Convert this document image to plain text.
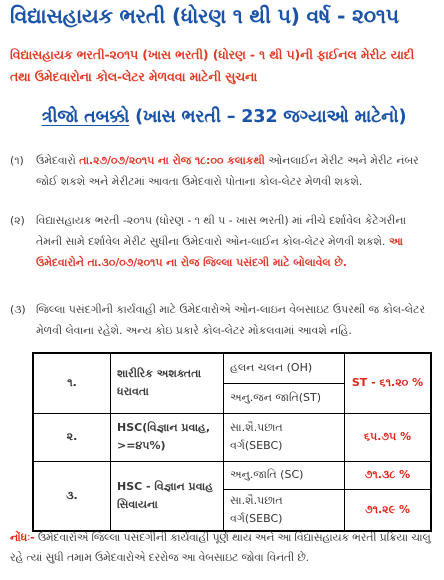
વિદ્યાસહાયક ભરતી (ધોરણ ૧ થી ૫) વર્ષ - ૨૦૧૫
વિદ્યાસહાયક ભરતી-૨૦૧૫ (ખાસ ભરતી) (ધોરણ - ૧ થી ૫)ની ફાઈનલ મેરીટ યાદી તથા ઉમેદવારોના કોલ-લેટર મેળવવા માટેની સુચના
ત્રીજો તબક્કો (ખાસ ભરતી – 232 જગ્યાઓ માટેનો)
(૧) ઉમેદવારો તા.૨૭/૦૭/૨૦૧૫ ના રોજ ૧૮:૦૦ કલાકથી ઓનલાઈન મેરીટ અને મેરીટ નંબર જોઈ શકશે અને મેરીટમાં આવતા ઉમેદવારો પોતાના કોલ-લેટર મેળવી શકશે.
(૨) વિદ્યાસહાયક ભરતી -૨૦૧૫ (ધોરણ - ૧ થી ૫ - ખાસ ભરતી) માં નીચે દર્શાવેલ કેટેગરીના તેમની સામે દર્શાવેલ મેરીટ સુધીના ઉમેદવારો ઓન-લાઈન કોલ-લેટર મેળવી શકશે. આ ઉમેદવારોને તા.૩૦/૦૭/૨૦૧૫ ના રોજ જિલ્લા પસંદગી માટે બોલાવેલ છે.
(૩) જિલ્લા પસંદગીની કાર્યવાહી માટે ઉમેદવારોએ ઓન-લાઇન વેબસાઇટ ઉપરથી જ કોલ-લેટર મેળવી લેવાના રહેશે. અન્ય કોઇ પ્રકારે કોલ-લેટર મોકલવામાં આવશે નહિ.
૧.	શારીરિક અશક્તતા ધરાવતા	હલન ચલન (OH)	ST - ૬૧.૨૦ %
		અનુ.જન જાતિ(ST)	
૨.	HSC(વિજ્ઞાન પ્રવાહ, >=૪૫%)	સા.શૈ.પછાત વર્ગ(SEBC)	૬૫.૭૫ %
૩.	HSC - વિજ્ઞાન પ્રવાહ સિવાયના	અનુ.જાતિ (SC)	૭૧.૩૮ %
		સા.શૈ.પછાત વર્ગ(SEBC)	૭૧.૨૯ %
નોંધઃ- ઉમેદવારોએ જિલ્લા પસંદગીની કાર્યવાહી પૂર્ણ થાય અને આ વિદ્યાસહાયક ભરતી પ્રક્રિયા ચાલુ રહે ત્યાં સુધી તમામ ઉમેદવારોએ દરરોજ આ વેબસાઇટ જોવા વિનંતી છે.
